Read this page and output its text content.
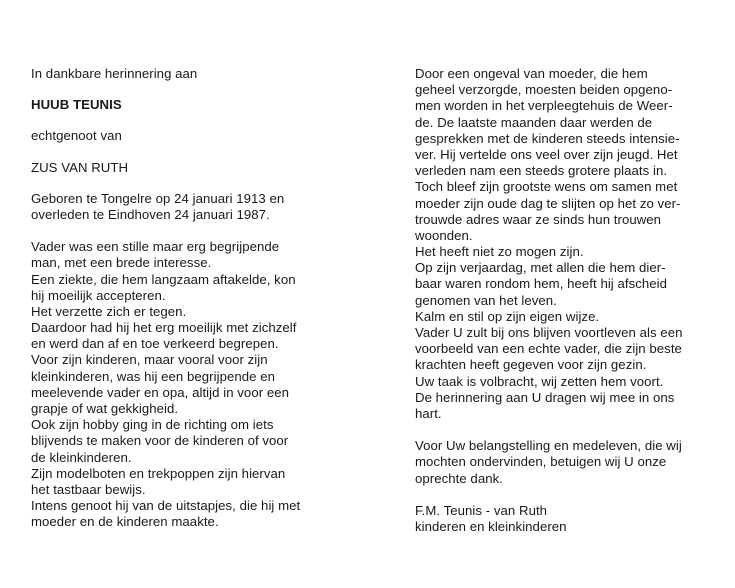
In dankbare herinnering aan
HUUB TEUNIS
echtgenoot van
ZUS VAN RUTH
Geboren te Tongelre op 24 januari 1913 en
overleden te Eindhoven 24 januari 1987.
Vader was een stille maar erg begrijpende
man, met een brede interesse.
Een ziekte, die hem langzaam aftakelde, kon
hij moeilijk accepteren.
Het verzette zich er tegen.
Daardoor had hij het erg moeilijk met zichzelf
en werd dan af en toe verkeerd begrepen.
Voor zijn kinderen, maar vooral voor zijn
kleinkinderen, was hij een begrijpende en
meelevende vader en opa, altijd in voor een
grapje of wat gekkigheid.
Ook zijn hobby ging in de richting om iets
blijvends te maken voor de kinderen of voor
de kleinkinderen.
Zijn modelboten en trekpoppen zijn hiervan
het tastbaar bewijs.
Intens genoot hij van de uitstapjes, die hij met
moeder en de kinderen maakte.
Door een ongeval van moeder, die hem
geheel verzorgde, moesten beiden opgeno-
men worden in het verpleegtehuis de Weer-
de. De laatste maanden daar werden de
gesprekken met de kinderen steeds intensie-
ver. Hij vertelde ons veel over zijn jeugd. Het
verleden nam een steeds grotere plaats in.
Toch bleef zijn grootste wens om samen met
moeder zijn oude dag te slijten op het zo ver-
trouwde adres waar ze sinds hun trouwen
woonden.
Het heeft niet zo mogen zijn.
Op zijn verjaardag, met allen die hem dier-
baar waren rondom hem, heeft hij afscheid
genomen van het leven.
Kalm en stil op zijn eigen wijze.
Vader U zult bij ons blijven voortleven als een
voorbeeld van een echte vader, die zijn beste
krachten heeft gegeven voor zijn gezin.
Uw taak is volbracht, wij zetten hem voort.
De herinnering aan U dragen wij mee in ons
hart.
Voor Uw belangstelling en medeleven, die wij
mochten ondervinden, betuigen wij U onze
oprechte dank.
F.M. Teunis - van Ruth
kinderen en kleinkinderen
